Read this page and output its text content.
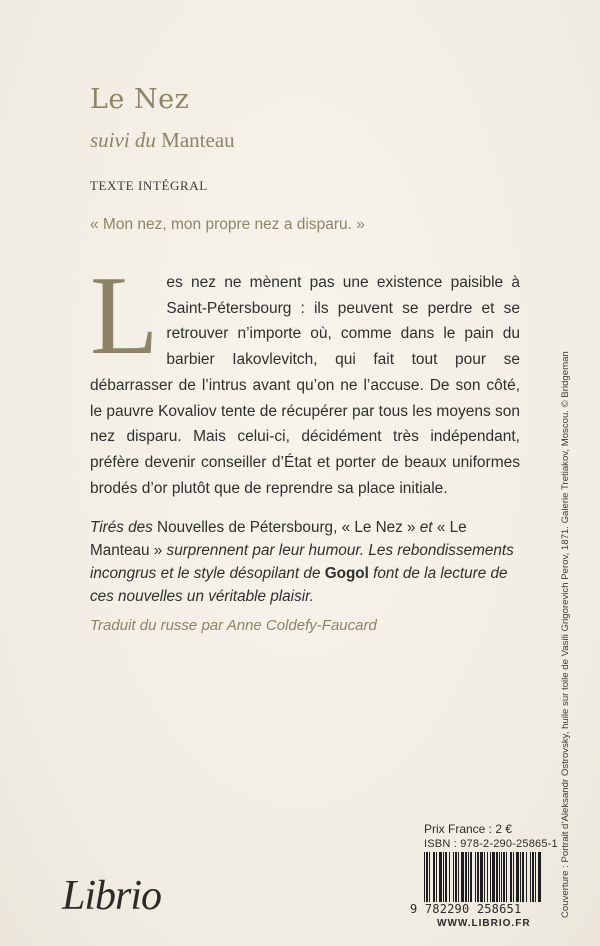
Le Nez
suivi du Manteau
TEXTE INTÉGRAL
« Mon nez, mon propre nez a disparu. »
L es nez ne mènent pas une existence paisible à Saint-Pétersbourg : ils peuvent se perdre et se retrouver n’importe où, comme dans le pain du barbier Iakovlevitch, qui fait tout pour se débarrasser de l’intrus avant qu’on ne l’accuse. De son côté, le pauvre Kovaliov tente de récupérer par tous les moyens son nez disparu. Mais celui-ci, décidément très indépendant, préfère devenir conseiller d’État et porter de beaux uniformes brodés d’or plutôt que de reprendre sa place initiale.
Tirés des Nouvelles de Pétersbourg, « Le Nez » et « Le Manteau » surprennent par leur humour. Les rebondissements incongrus et le style désopilant de Gogol font de la lecture de ces nouvelles un véritable plaisir.
Traduit du russe par Anne Coldefy-Faucard	Couverture : Portrait d’Aleksandr Ostrovsky, huile sur toile de Vasili Grigorevich Perov, 1871. Galerie Tretiakov, Moscou. © Bridgeman
Librio
Prix France : 2 €
ISBN : 978-2-290-25865-1
9 782290 258651
WWW.LIBRIO.FR
